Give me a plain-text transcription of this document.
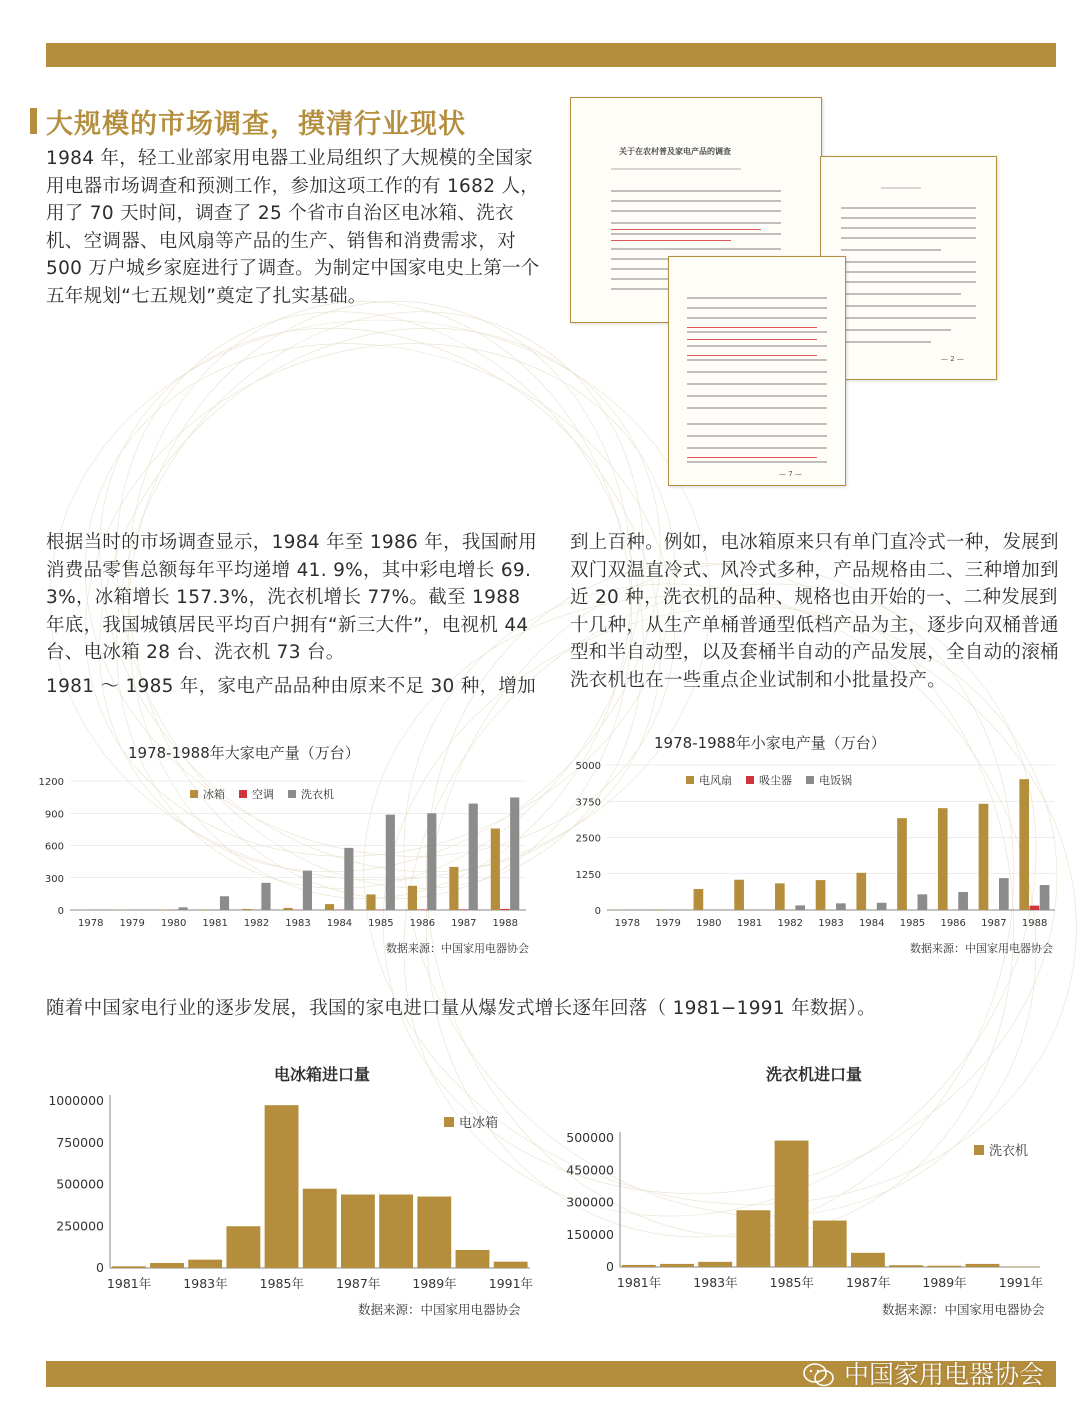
大规模的市场调查，摸清行业现状
1984 年，轻工业部家用电器工业局组织了大规模的全国家用电器市场调查和预测工作，参加这项工作的有 1682 人，用了 70 天时间，调查了 25 个省市自治区电冰箱、洗衣机、空调器、电风扇等产品的生产、销售和消费需求，对 500 万户城乡家庭进行了调查。为制定中国家电史上第一个五年规划“七五规划”奠定了扎实基础。
关于在农村普及家电产品的调查
— 2 —
— 7 —
根据当时的市场调查显示，1984 年至 1986 年，我国耐用消费品零售总额每年平均递增 41. 9%，其中彩电增长 69. 3%，冰箱增长 157.3%，洗衣机增长 77%。截至 1988 年底，我国城镇居民平均百户拥有“新三大件”，电视机 44 台、电冰箱 28 台、洗衣机 73 台。
1981 ～ 1985 年，家电产品品种由原来不足 30 种，增加
到上百种。例如，电冰箱原来只有单门直冷式一种，发展到双门双温直冷式、风冷式多种，产品规格由二、三种增加到近 20 种，洗衣机的品种、规格也由开始的一、二种发展到十几种，从生产单桶普通型低档产品为主，逐步向双桶普通型和半自动型，以及套桶半自动的产品发展，全自动的滚桶洗衣机也在一些重点企业试制和小批量投产。
1978-1988年大家电产量（万台）
冰箱 空调 洗衣机
0
300
600
900
1200
1978 1979 1980 1981 1982 1983 1984 1985 1986 1987 1988
数据来源：中国家用电器协会
1978-1988年小家电产量（万台）
电风扇 吸尘器 电饭锅
0
1250
2500
3750
5000
1978 1979 1980 1981 1982 1983 1984 1985 1986 1987 1988
数据来源：中国家用电器协会
随着中国家电行业的逐步发展，我国的家电进口量从爆发式增长逐年回落（ 1981−1991 年数据）。
电冰箱进口量
电冰箱
0
250000
500000
750000
1000000
1981年	1983年	1985年	1987年	1989年	1991年
数据来源：中国家用电器协会
洗衣机进口量
洗衣机
0
150000
300000
450000
500000
1981年	1983年	1985年	1987年	1989年	1991年
数据来源：中国家用电器协会
中国家用电器协会
